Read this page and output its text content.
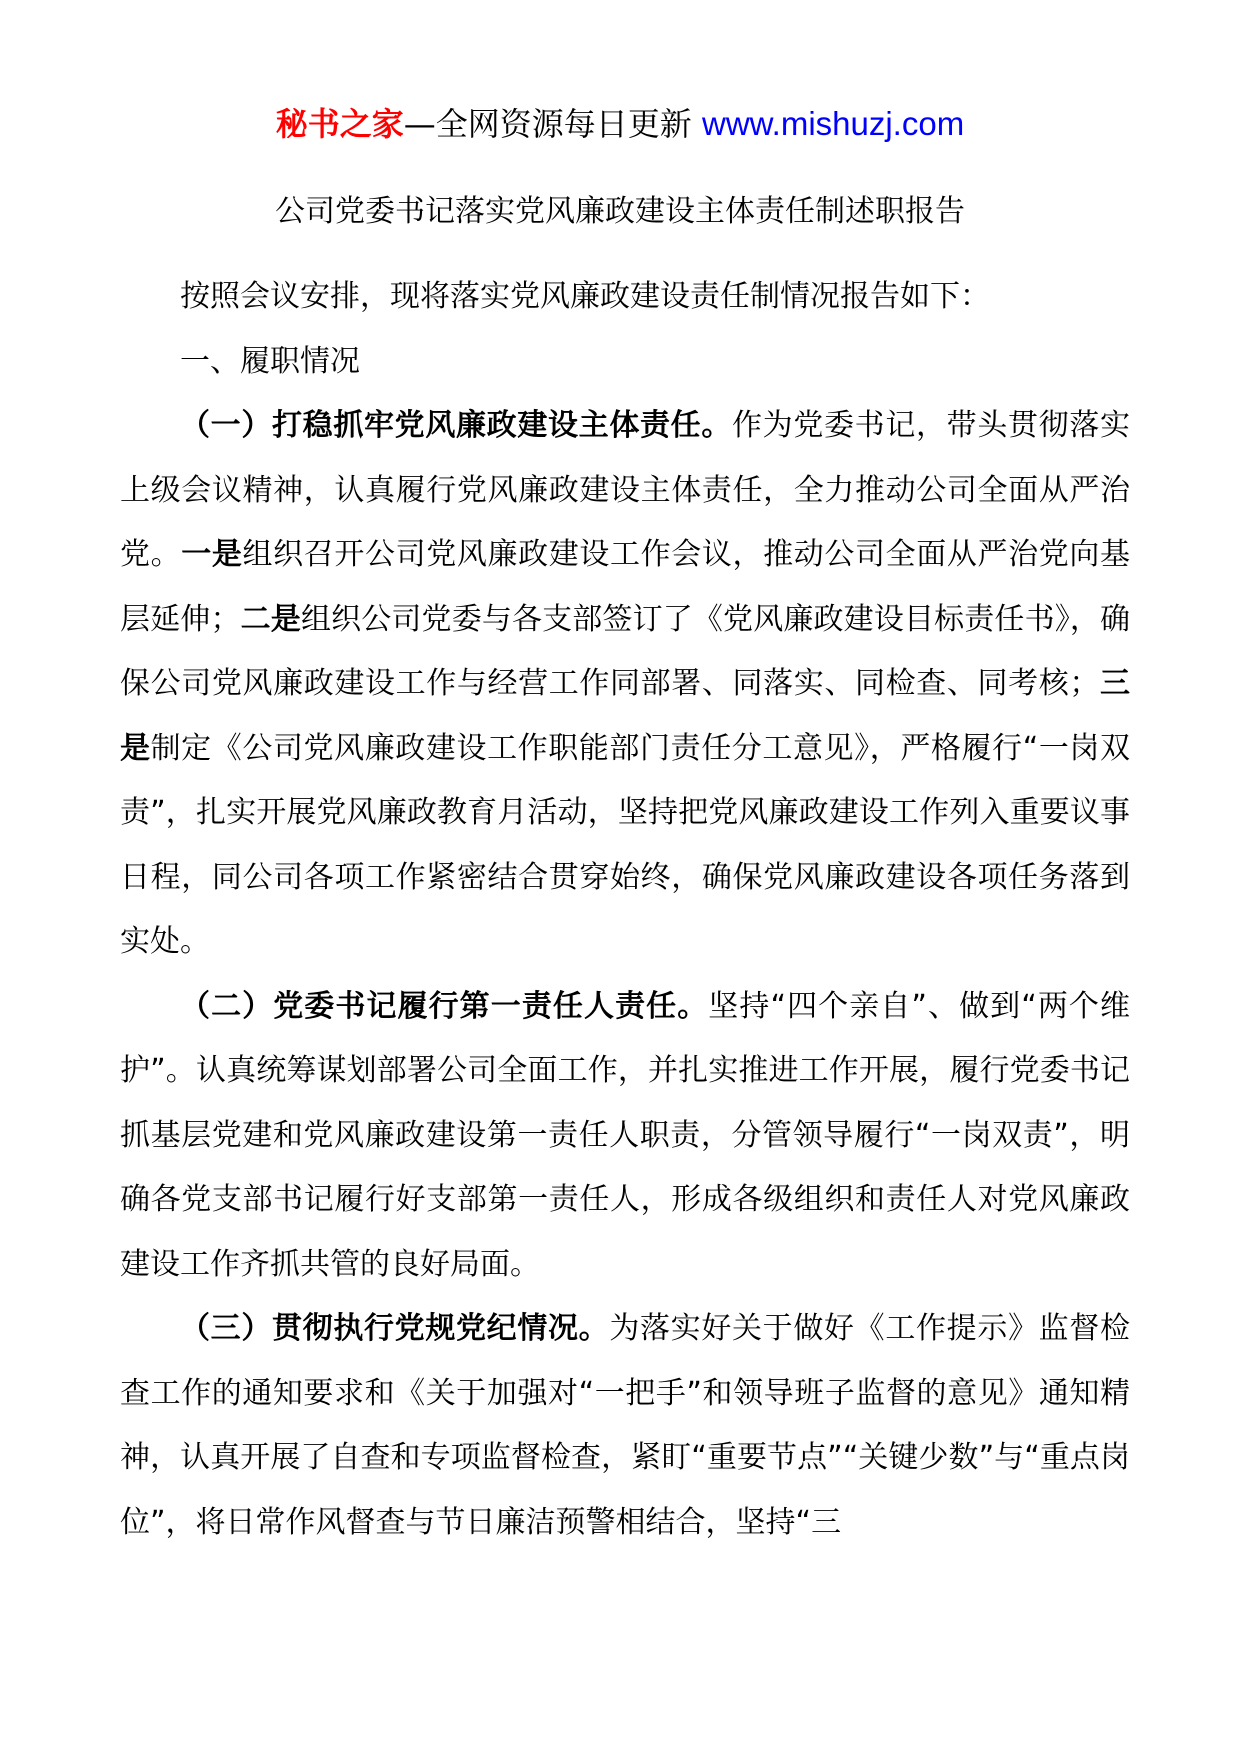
秘书之家—全网资源每日更新 www.mishuzj.com
公司党委书记落实党风廉政建设主体责任制述职报告

按照会议安排，现将落实党风廉政建设责任制情况报告如下：

一、履职情况

（一）打稳抓牢党风廉政建设主体责任。作为党委书记，带头贯彻落实上级会议精神，认真履行党风廉政建设主体责任，全力推动公司全面从严治党。一是组织召开公司党风廉政建设工作会议，推动公司全面从严治党向基层延伸；二是组织公司党委与各支部签订了《党风廉政建设目标责任书》，确保公司党风廉政建设工作与经营工作同部署、同落实、同检查、同考核；三是制定《公司党风廉政建设工作职能部门责任分工意见》，严格履行“一岗双责”，扎实开展党风廉政教育月活动，坚持把党风廉政建设工作列入重要议事日程，同公司各项工作紧密结合贯穿始终，确保党风廉政建设各项任务落到实处。

（二）党委书记履行第一责任人责任。坚持“四个亲自”、做到“两个维护”。认真统筹谋划部署公司全面工作，并扎实推进工作开展，履行党委书记抓基层党建和党风廉政建设第一责任人职责，分管领导履行“一岗双责”，明确各党支部书记履行好支部第一责任人，形成各级组织和责任人对党风廉政建设工作齐抓共管的良好局面。

（三）贯彻执行党规党纪情况。为落实好关于做好《工作提示》监督检查工作的通知要求和《关于加强对“一把手”和领导班子监督的意见》通知精神，认真开展了自查和专项监督检查，紧盯“重要节点”“关键少数”与“重点岗位”，将日常作风督查与节日廉洁预警相结合，坚持“三
